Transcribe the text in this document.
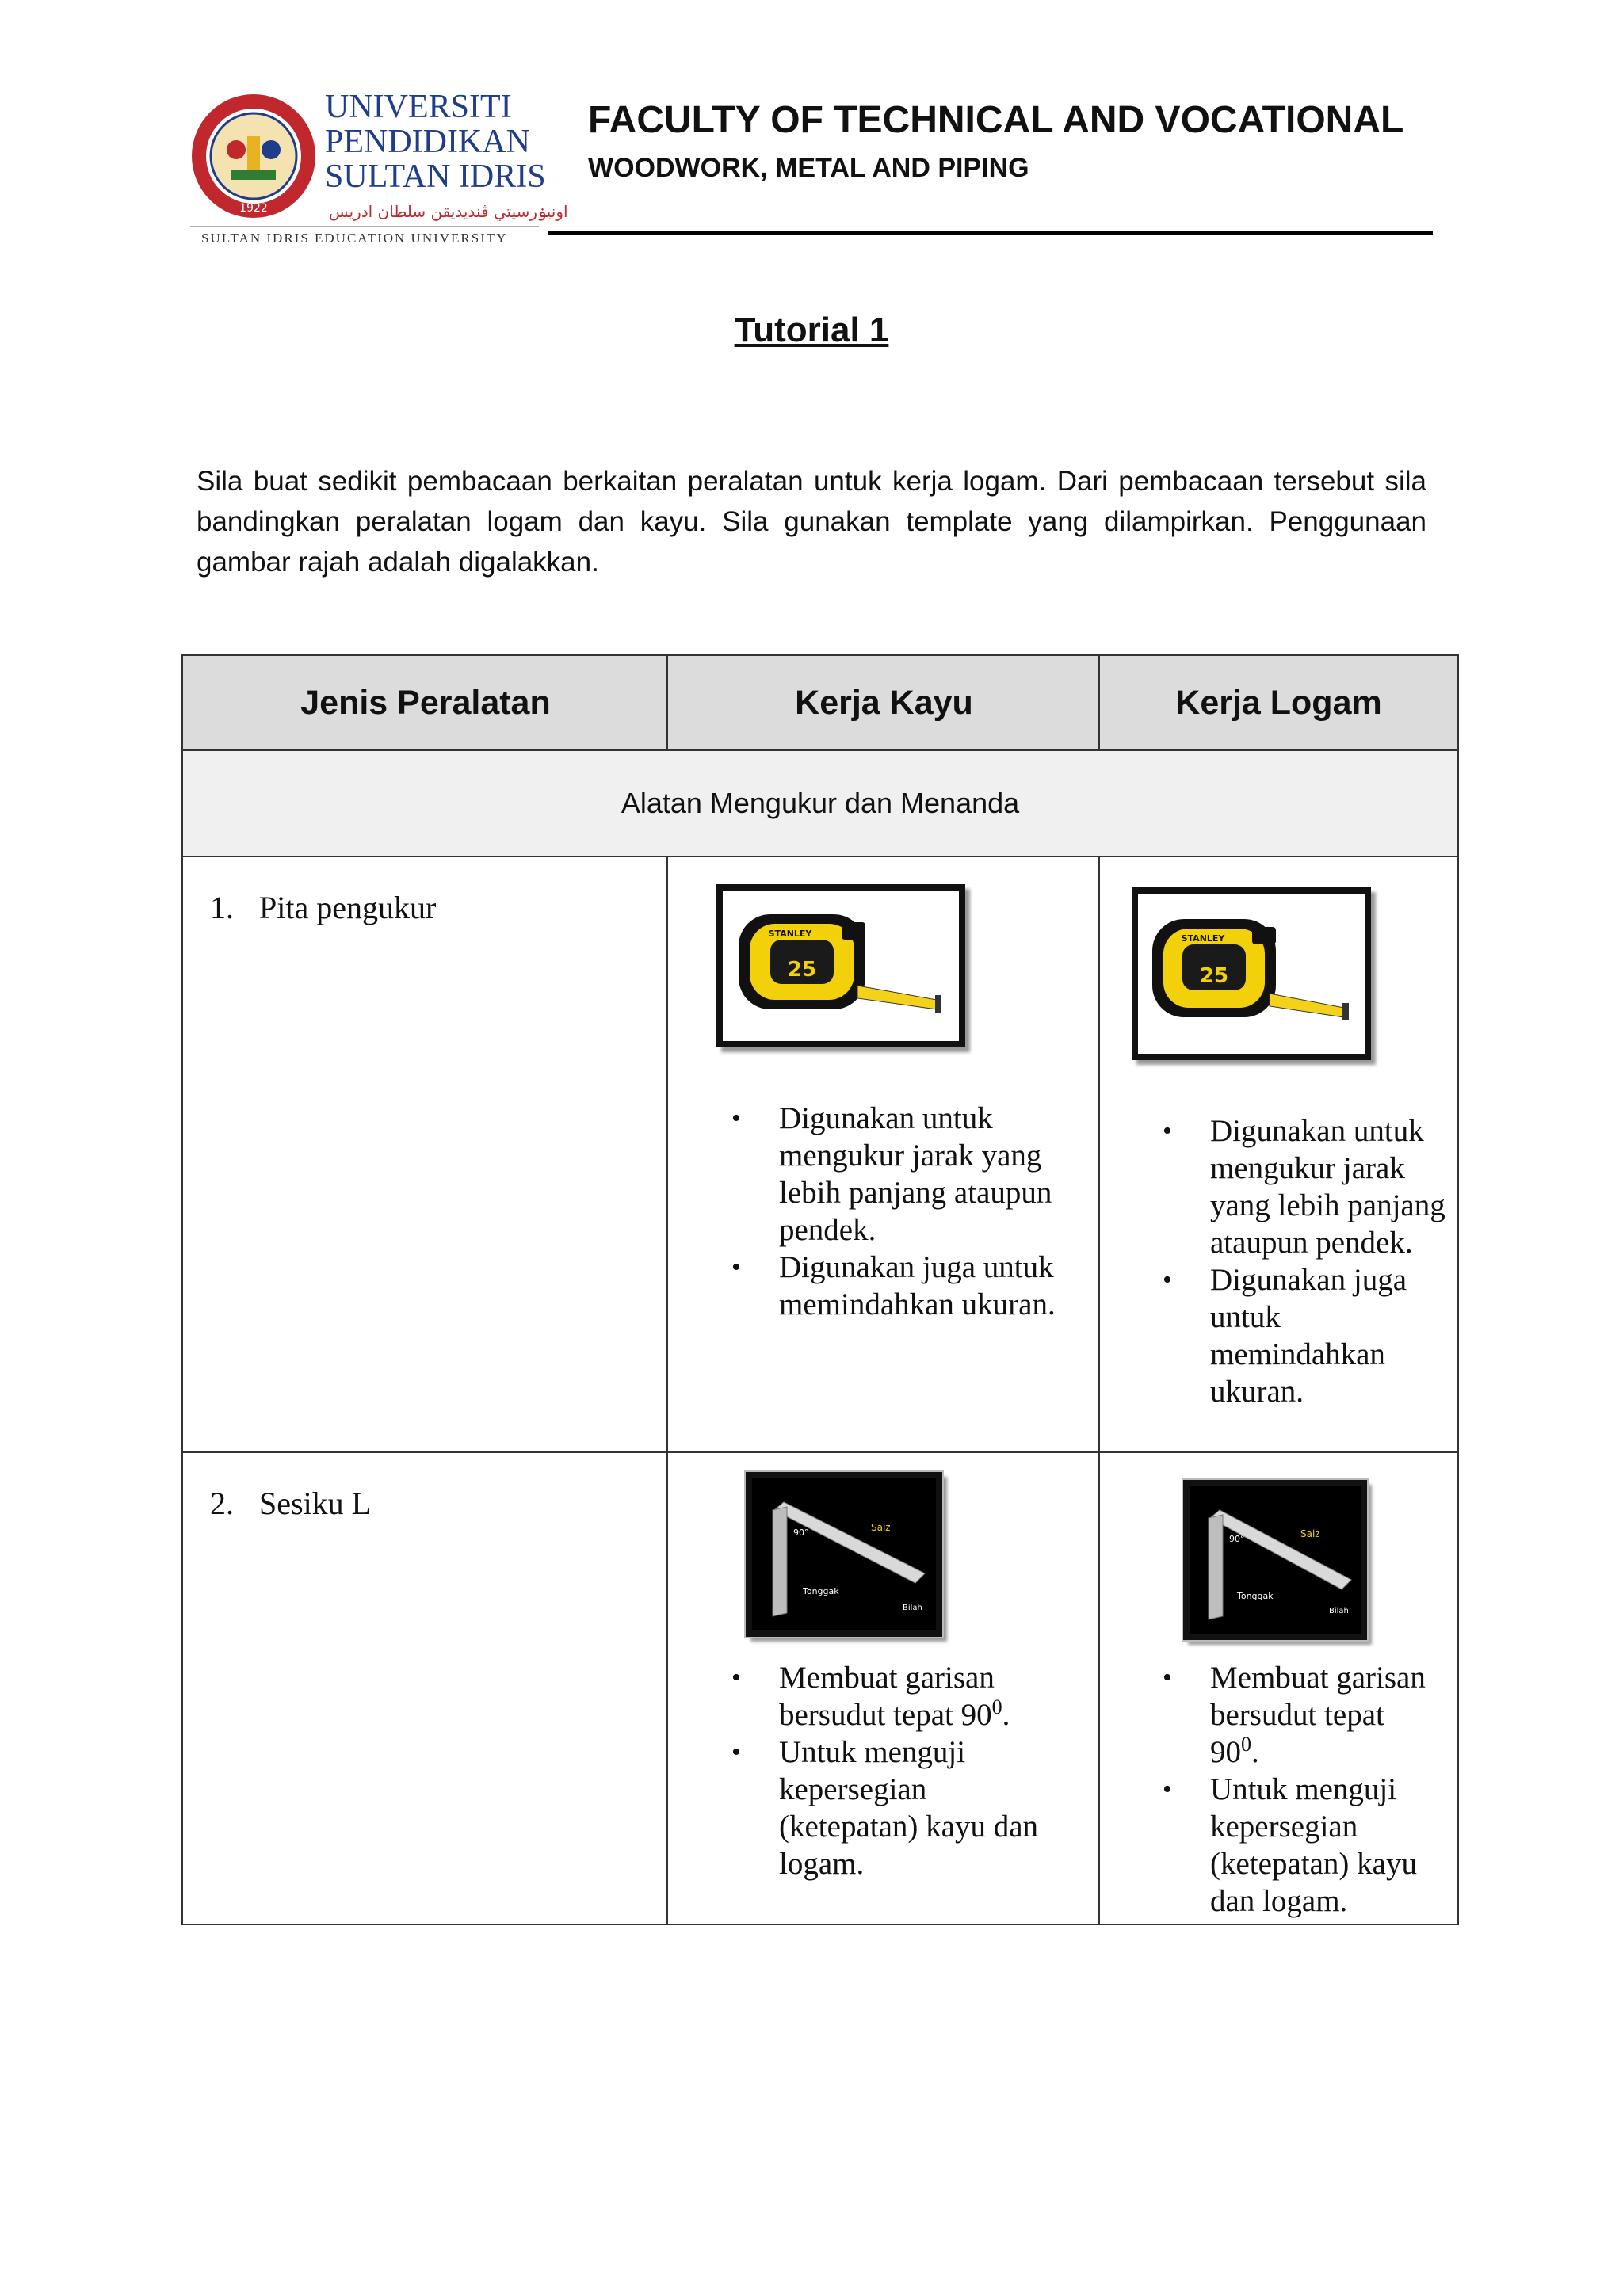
1922
UNIVERSITI
PENDIDIKAN
SULTAN IDRIS
اونيۏرسيتي ڤنديديقن سلطان ادريس
SULTAN IDRIS EDUCATION UNIVERSITY
FACULTY OF TECHNICAL AND VOCATIONAL
WOODWORK, METAL AND PIPING
Tutorial 1
Sila buat sedikit pembacaan berkaitan peralatan untuk kerja logam. Dari pembacaan tersebut sila bandingkan peralatan logam dan kayu. Sila gunakan template yang dilampirkan. Penggunaan gambar rajah adalah digalakkan.
Jenis Peralatan	Kerja Kayu	Kerja Logam
Alatan Mengukur dan Menanda
1. Pita pengukur
25
STANLEY
25
STANLEY
• Digunakan untuk mengukur jarak yang lebih panjang ataupun pendek.
• Digunakan juga untuk memindahkan ukuran.
• Digunakan untuk mengukur jarak yang lebih panjang ataupun pendek.
• Digunakan juga untuk memindahkan ukuran.
2. Sesiku L
Saiz
90°
Tonggak
Bilah
Saiz
90°
Tonggak
Bilah
• Membuat garisan bersudut tepat $90^0$.
• Untuk menguji kepersegian (ketepatan) kayu dan logam.
• Membuat garisan bersudut tepat $90^0$.
• Untuk menguji kepersegian (ketepatan) kayu dan logam.
